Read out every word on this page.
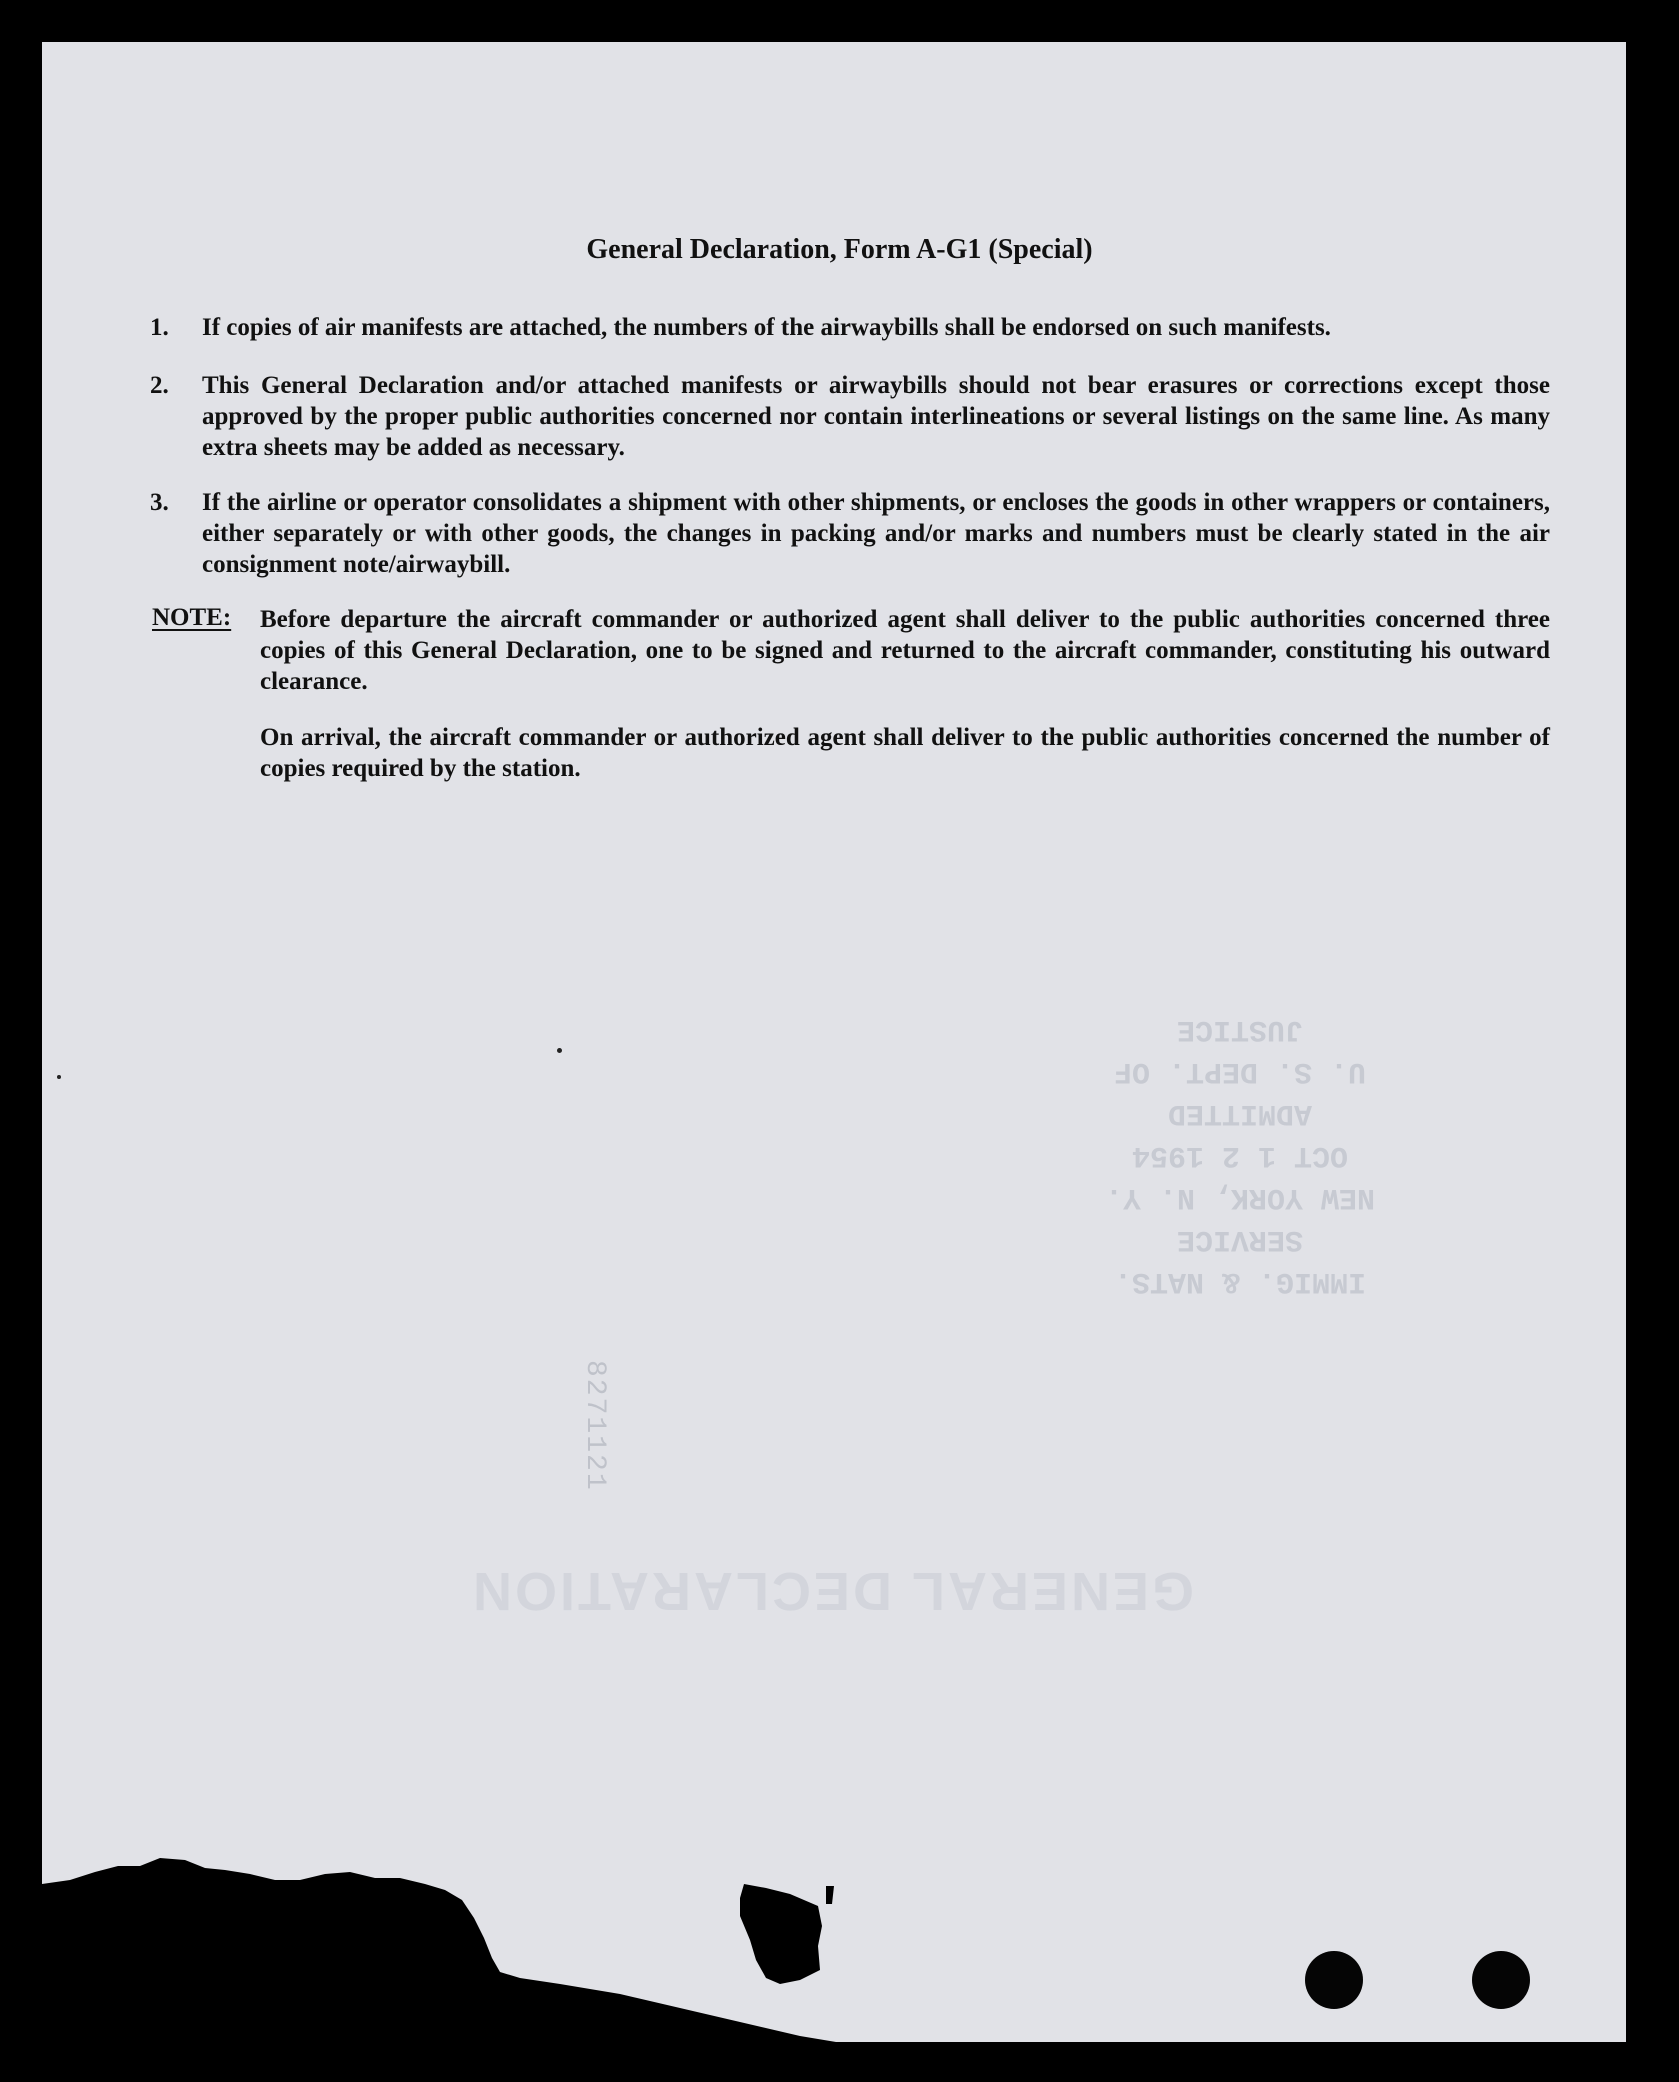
GENERAL DECLARATION
IMMIG. & NATS. SERVICE
NEW YORK, N. Y.
OCT 1 2 1954
ADMITTED
U. S. DEPT. OF JUSTICE
8271121
General Declaration, Form A-G1 (Special)
1.	If copies of air manifests are attached, the numbers of the airwaybills shall be endorsed on such manifests.
2.	This General Declaration and/or attached manifests or airwaybills should not bear erasures or corrections except those approved by the proper public authorities concerned nor contain interlineations or several listings on the same line. As many extra sheets may be added as necessary.
3.	If the airline or operator consolidates a shipment with other shipments, or encloses the goods in other wrappers or containers, either separately or with other goods, the changes in packing and/or marks and numbers must be clearly stated in the air consignment note/airwaybill.
NOTE: Before departure the aircraft commander or authorized agent shall deliver to the public authorities concerned three copies of this General Declaration, one to be signed and returned to the aircraft commander, constituting his outward clearance.
On arrival, the aircraft commander or authorized agent shall deliver to the public authorities concerned the number of copies required by the station.
